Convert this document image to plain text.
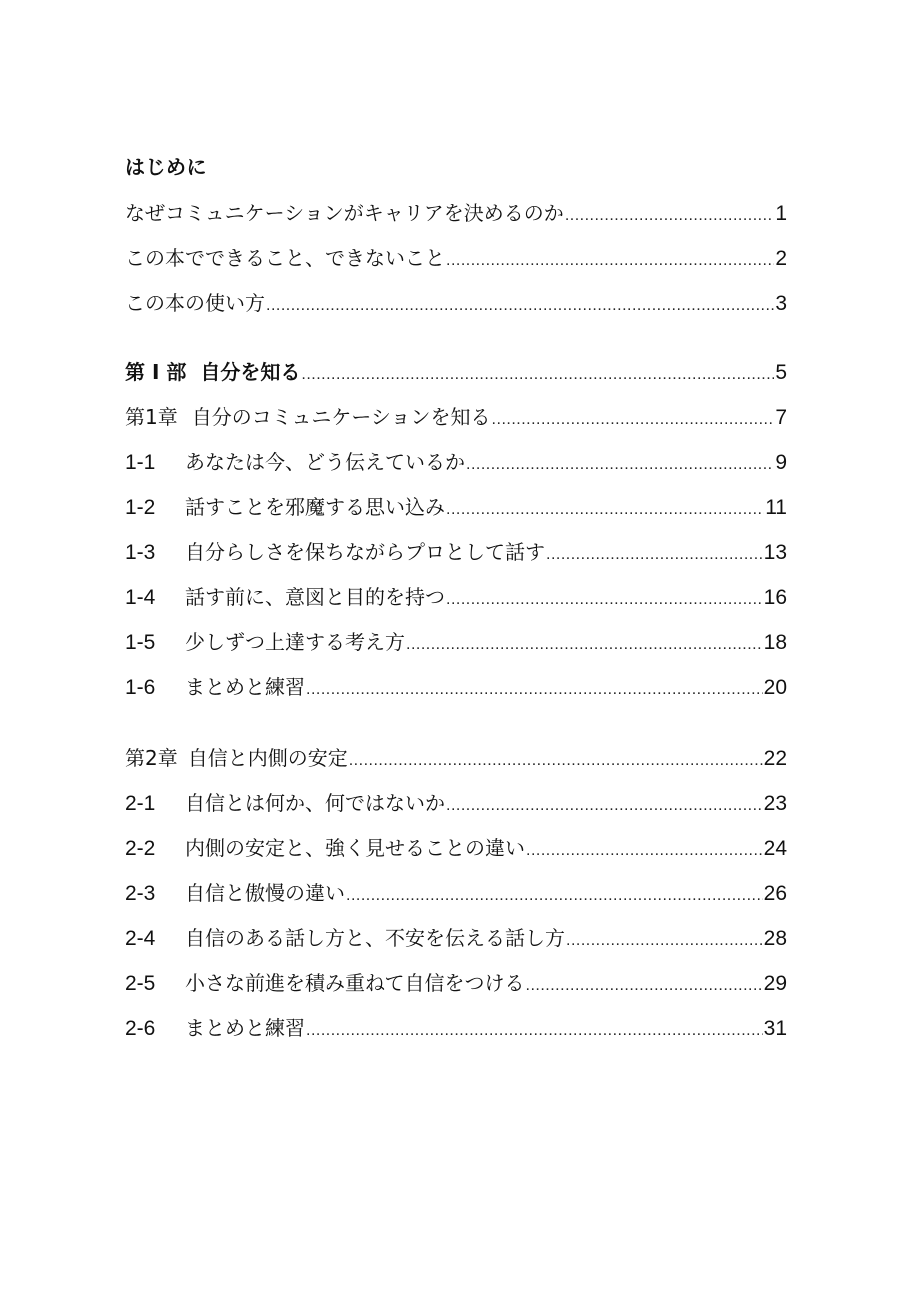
はじめに
なぜコミュニケーションがキャリアを決めるのか .....	1
この本でできること、できないこと .....	2
この本の使い方 .....	3
第 I 部 自分を知る .....	5
第1章 自分のコミュニケーションを知る .....	7
1-1	あなたは今、どう伝えているか .....	9
1-2	話すことを邪魔する思い込み .....	11
1-3	自分らしさを保ちながらプロとして話す .....	13
1-4	話す前に、意図と目的を持つ .....	16
1-5	少しずつ上達する考え方 .....	18
1-6	まとめと練習 .....	20
第2章 自信と内側の安定 .....	22
2-1	自信とは何か、何ではないか .....	23
2-2	内側の安定と、強く見せることの違い .....	24
2-3	自信と傲慢の違い .....	26
2-4	自信のある話し方と、不安を伝える話し方 .....	28
2-5	小さな前進を積み重ねて自信をつける .....	29
2-6	まとめと練習 .....	31
